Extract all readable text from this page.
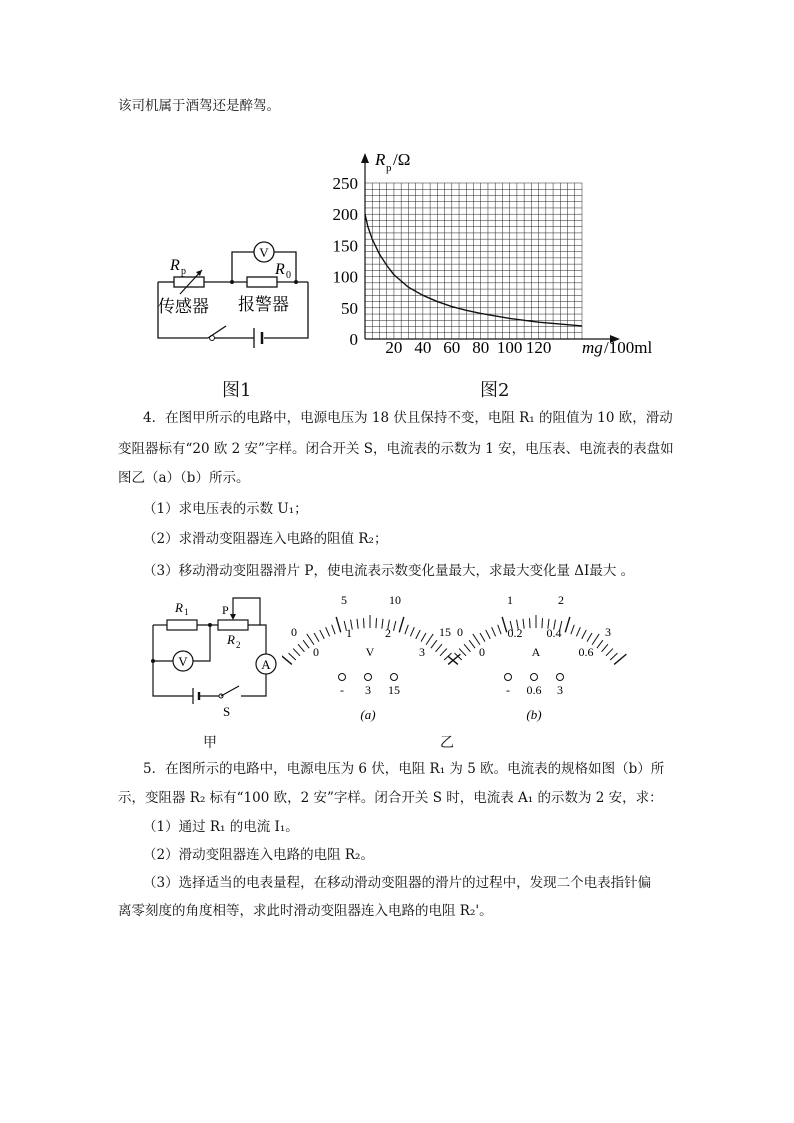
该司机属于酒驾还是醉驾。
V
R p	R 0
传感器 报警器
图1
0
50
100
150
200
250
20 40 60 80 100 120
R p /Ω
mg /100ml
图2
4．在图甲所示的电路中，电源电压为 18 伏且保持不变，电阻 R₁ 的阻值为 10 欧，滑动
变阻器标有“20 欧 2 安”字样。闭合开关 S，电流表的示数为 1 安，电压表、电流表的表盘如
图乙（a）（b）所示。
（1）求电压表的示数 U₁；
（2）求滑动变阻器连入电路的阻值 R₂；
（3）移动滑动变阻器滑片 P，使电流表示数变化量最大，求最大变化量 ΔI最大 。
A
V
R 1	P
R 2
S
甲
0
5	10
15
0
1	2
3
V
- 3 15
(a)
0
1	2
3
0
0.2 0.4
0.6
A
- 0.6 3
(b)
乙
5．在图所示的电路中，电源电压为 6 伏，电阻 R₁ 为 5 欧。电流表的规格如图（b）所
示，变阻器 R₂ 标有“100 欧，2 安”字样。闭合开关 S 时，电流表 A₁ 的示数为 2 安，求：
（1）通过 R₁ 的电流 I₁。
（2）滑动变阻器连入电路的电阻 R₂。
（3）选择适当的电表量程，在移动滑动变阻器的滑片的过程中，发现二个电表指针偏
离零刻度的角度相等，求此时滑动变阻器连入电路的电阻 R₂'。
